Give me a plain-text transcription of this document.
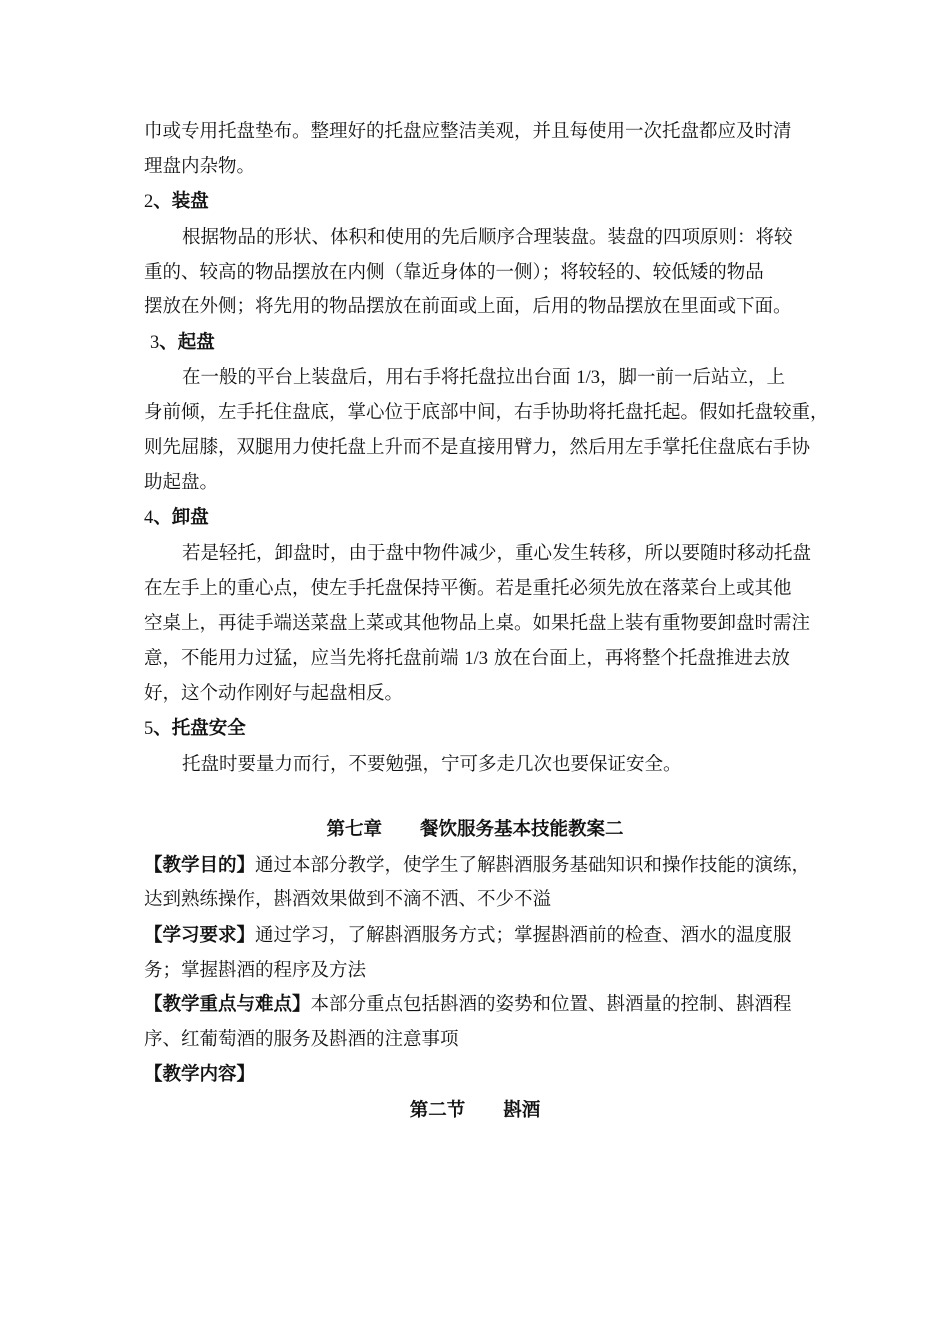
巾或专用托盘垫布。整理好的托盘应整洁美观，并且每使用一次托盘都应及时清
理盘内杂物。
2、装盘
根据物品的形状、体积和使用的先后顺序合理装盘。装盘的四项原则：将较
重的、较高的物品摆放在内侧（靠近身体的一侧）；将较轻的、较低矮的物品
摆放在外侧；将先用的物品摆放在前面或上面，后用的物品摆放在里面或下面。
3、起盘
在一般的平台上装盘后，用右手将托盘拉出台面 1/3，脚一前一后站立，上
身前倾，左手托住盘底，掌心位于底部中间，右手协助将托盘托起。假如托盘较重，
则先屈膝，双腿用力使托盘上升而不是直接用臂力，然后用左手掌托住盘底右手协
助起盘。
4、卸盘
若是轻托，卸盘时，由于盘中物件减少，重心发生转移，所以要随时移动托盘
在左手上的重心点，使左手托盘保持平衡。若是重托必须先放在落菜台上或其他
空桌上，再徒手端送菜盘上菜或其他物品上桌。如果托盘上装有重物要卸盘时需注
意，不能用力过猛，应当先将托盘前端 1/3 放在台面上，再将整个托盘推进去放
好，这个动作刚好与起盘相反。
5、托盘安全
托盘时要量力而行，不要勉强，宁可多走几次也要保证安全。
第七章 餐饮服务基本技能教案二
【教学目的】通过本部分教学，使学生了解斟酒服务基础知识和操作技能的演练，
达到熟练操作，斟酒效果做到不滴不洒、不少不溢
【学习要求】通过学习，了解斟酒服务方式；掌握斟酒前的检查、酒水的温度服
务；掌握斟酒的程序及方法
【教学重点与难点】本部分重点包括斟酒的姿势和位置、斟酒量的控制、斟酒程
序、红葡萄酒的服务及斟酒的注意事项
【教学内容】
第二节 斟酒
